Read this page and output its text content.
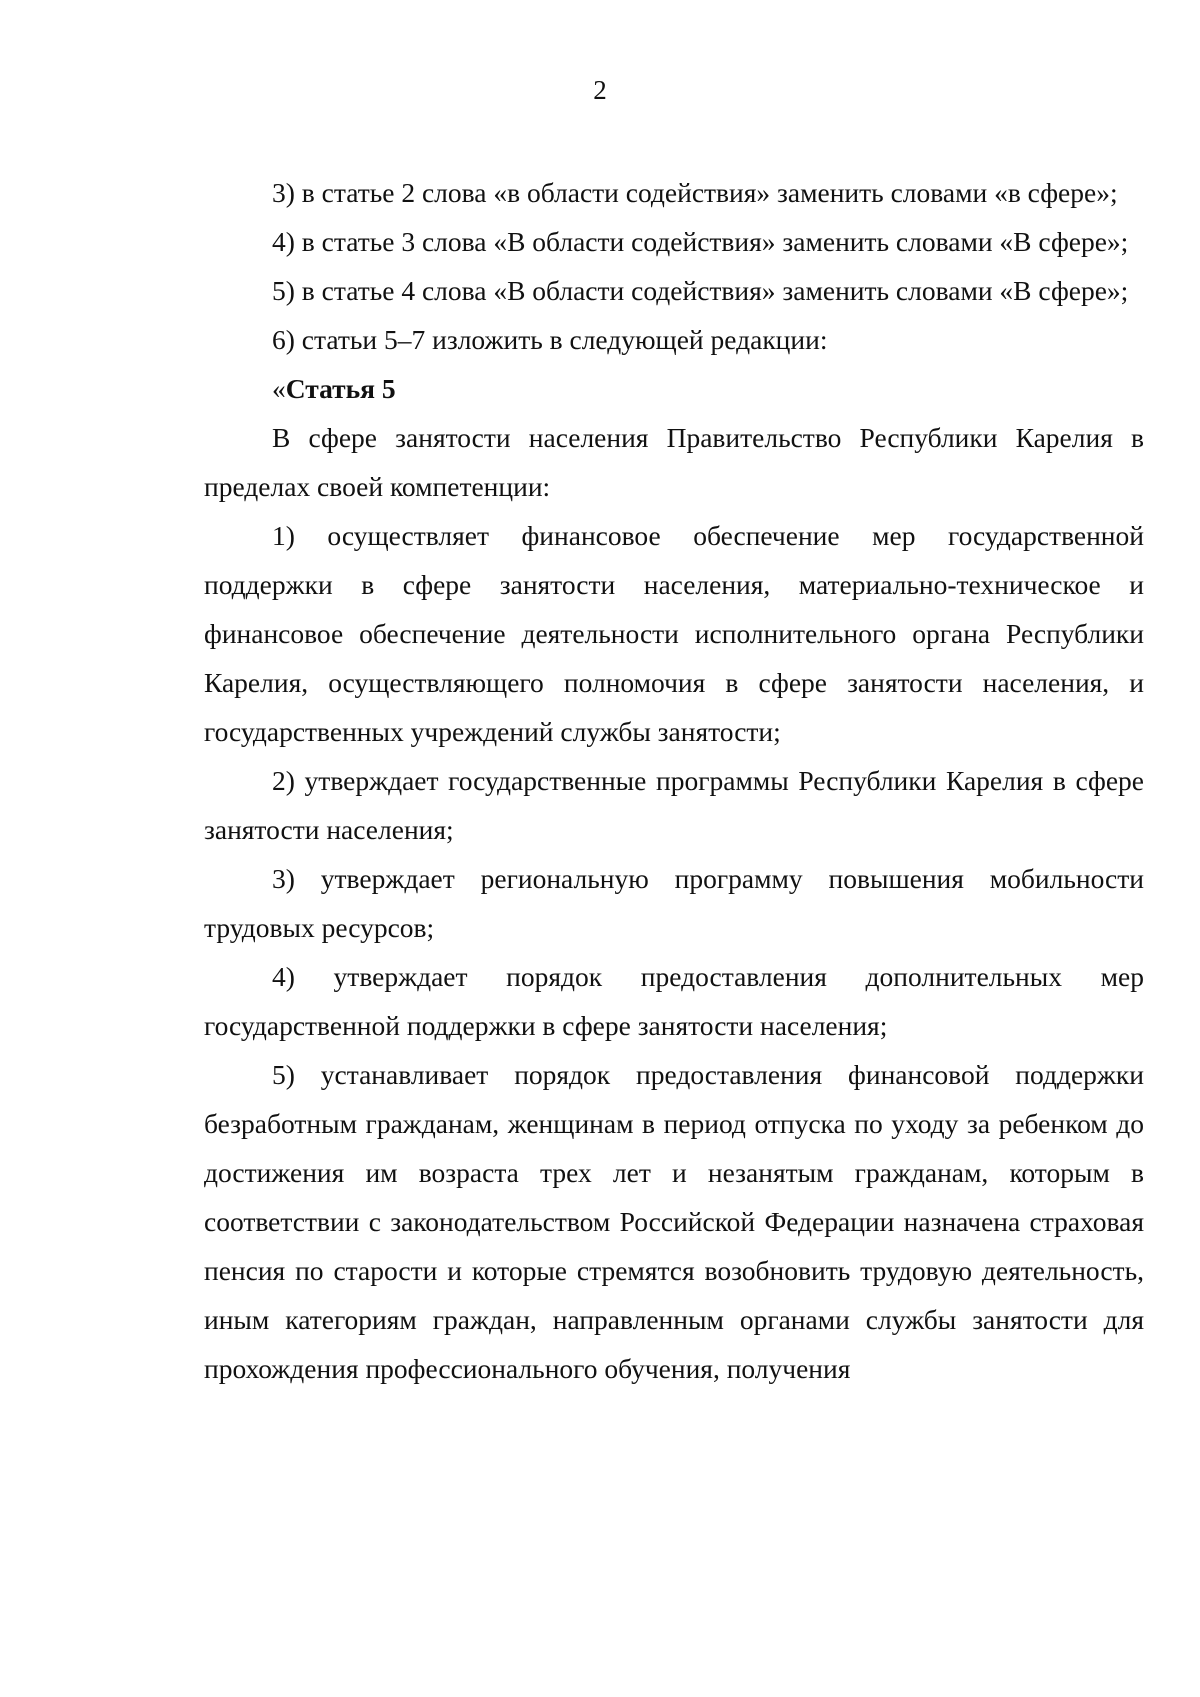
2

3) в статье 2 слова «в области содействия» заменить словами «в сфере»;

4) в статье 3 слова «В области содействия» заменить словами «В сфере»;

5) в статье 4 слова «В области содействия» заменить словами «В сфере»;

6) статьи 5–7 изложить в следующей редакции:

«Статья 5

В сфере занятости населения Правительство Республики Карелия в пределах своей компетенции:

1) осуществляет финансовое обеспечение мер государственной поддержки в сфере занятости населения, материально-техническое и финансовое обеспечение деятельности исполнительного органа Республики Карелия, осуществляющего полномочия в сфере занятости населения, и государственных учреждений службы занятости;

2) утверждает государственные программы Республики Карелия в сфере занятости населения;

3) утверждает региональную программу повышения мобильности трудовых ресурсов;

4) утверждает порядок предоставления дополнительных мер государственной поддержки в сфере занятости населения;

5) устанавливает порядок предоставления финансовой поддержки безработным гражданам, женщинам в период отпуска по уходу за ребенком до достижения им возраста трех лет и незанятым гражданам, которым в соответствии с законодательством Российской Федерации назначена страховая пенсия по старости и которые стремятся возобновить трудовую деятельность, иным категориям граждан, направленным органами службы занятости для прохождения профессионального обучения, получения
